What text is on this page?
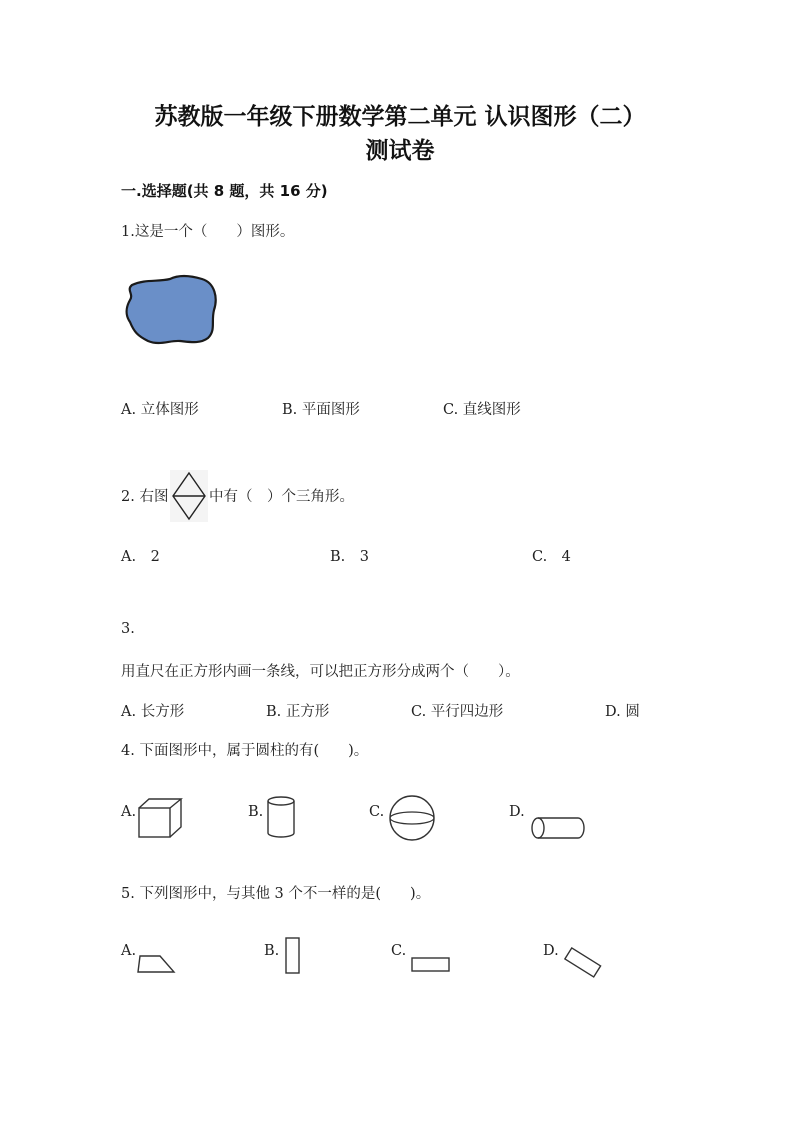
苏教版一年级下册数学第二单元 认识图形（二）
测试卷
一.选择题(共 8 题，共 16 分)
1.这是一个（　　）图形。
A. 立体图形	B. 平面图形	C. 直线图形
2. 右图	中有（　）个三角形。
A.　2	B.　3	C.　4
3.
用直尺在正方形内画一条线，可以把正方形分成两个（　　）。
A. 长方形	B. 正方形	C. 平行四边形	D. 圆
4. 下面图形中，属于圆柱的有(　　)。
A.	B.	C.	D.
5. 下列图形中，与其他 3 个不一样的是(　　)。
A.	B.	C.	D.
